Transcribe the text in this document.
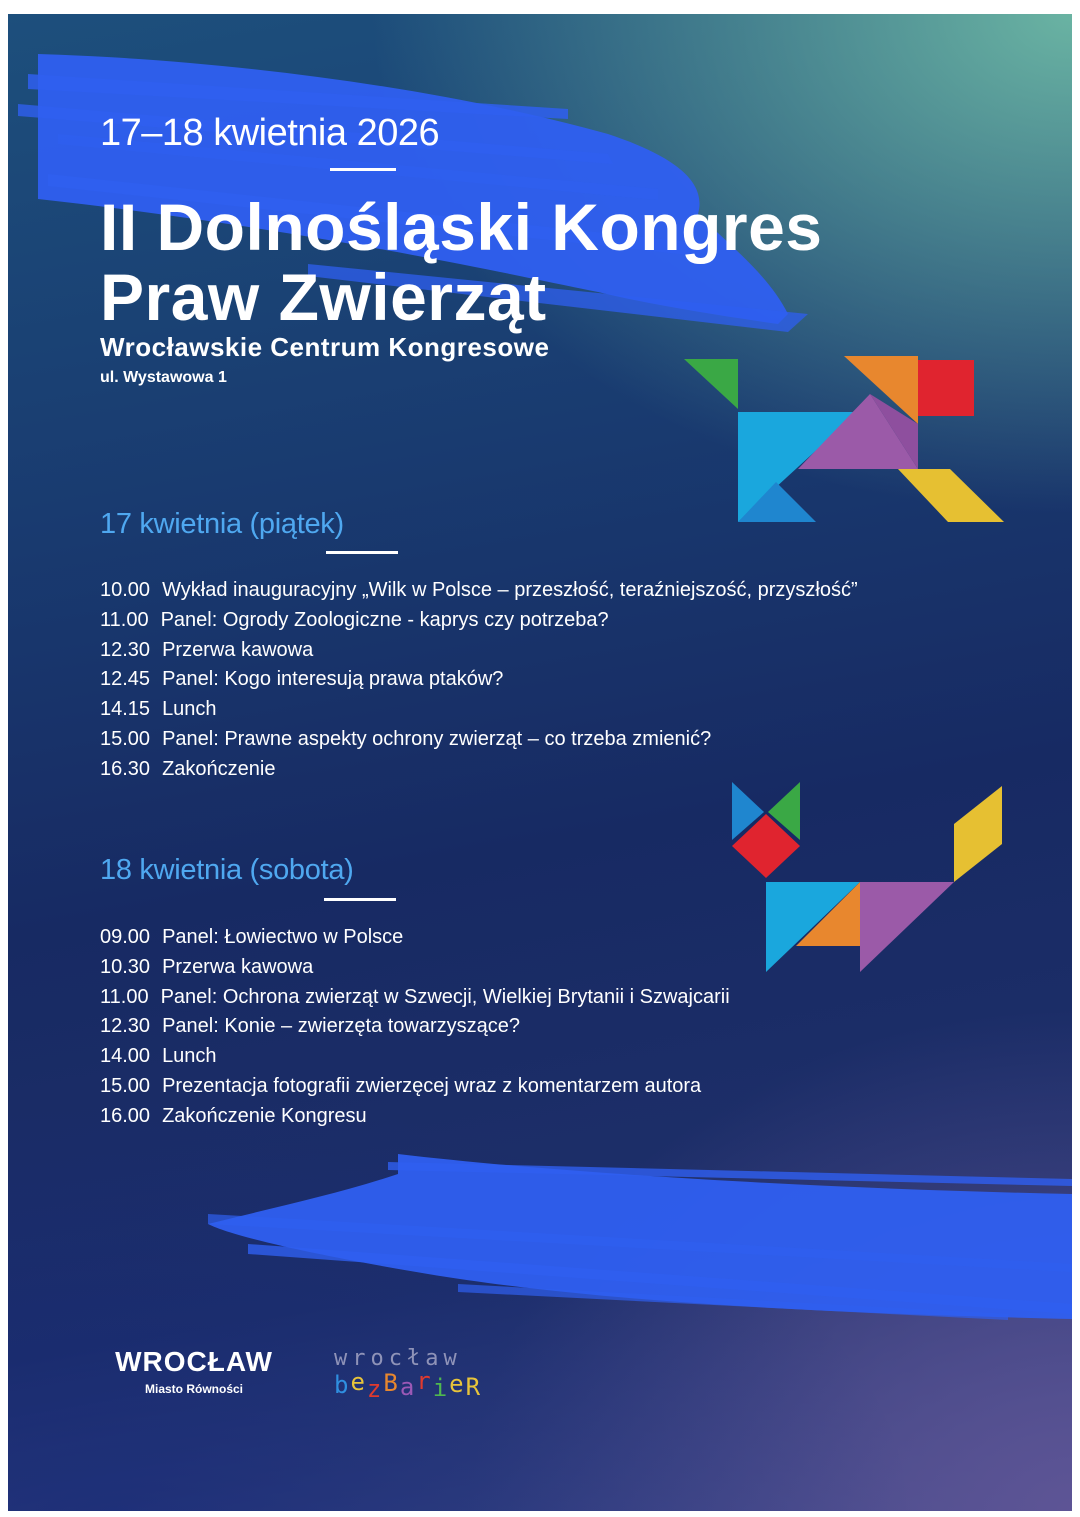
17–18 kwietnia 2026
II Dolnośląski Kongres
Praw Zwierząt
Wrocławskie Centrum Kongresowe
ul. Wystawowa 1
17 kwietnia (piątek)
10.00 Wykład inauguracyjny „Wilk w Polsce – przeszłość, teraźniejszość, przyszłość”
11.00 Panel: Ogrody Zoologiczne - kaprys czy potrzeba?
12.30 Przerwa kawowa
12.45 Panel: Kogo interesują prawa ptaków?
14.15 Lunch
15.00 Panel: Prawne aspekty ochrony zwierząt – co trzeba zmienić?
16.30 Zakończenie
18 kwietnia (sobota)
09.00 Panel: Łowiectwo w Polsce
10.30 Przerwa kawowa
11.00 Panel: Ochrona zwierząt w Szwecji, Wielkiej Brytanii i Szwajcarii
12.30 Panel: Konie – zwierzęta towarzyszące?
14.00 Lunch
15.00 Prezentacja fotografii zwierzęcej wraz z komentarzem autora
16.00 Zakończenie Kongresu
WROCŁAW
Miasto Równości
wrocław
bezBarieR
